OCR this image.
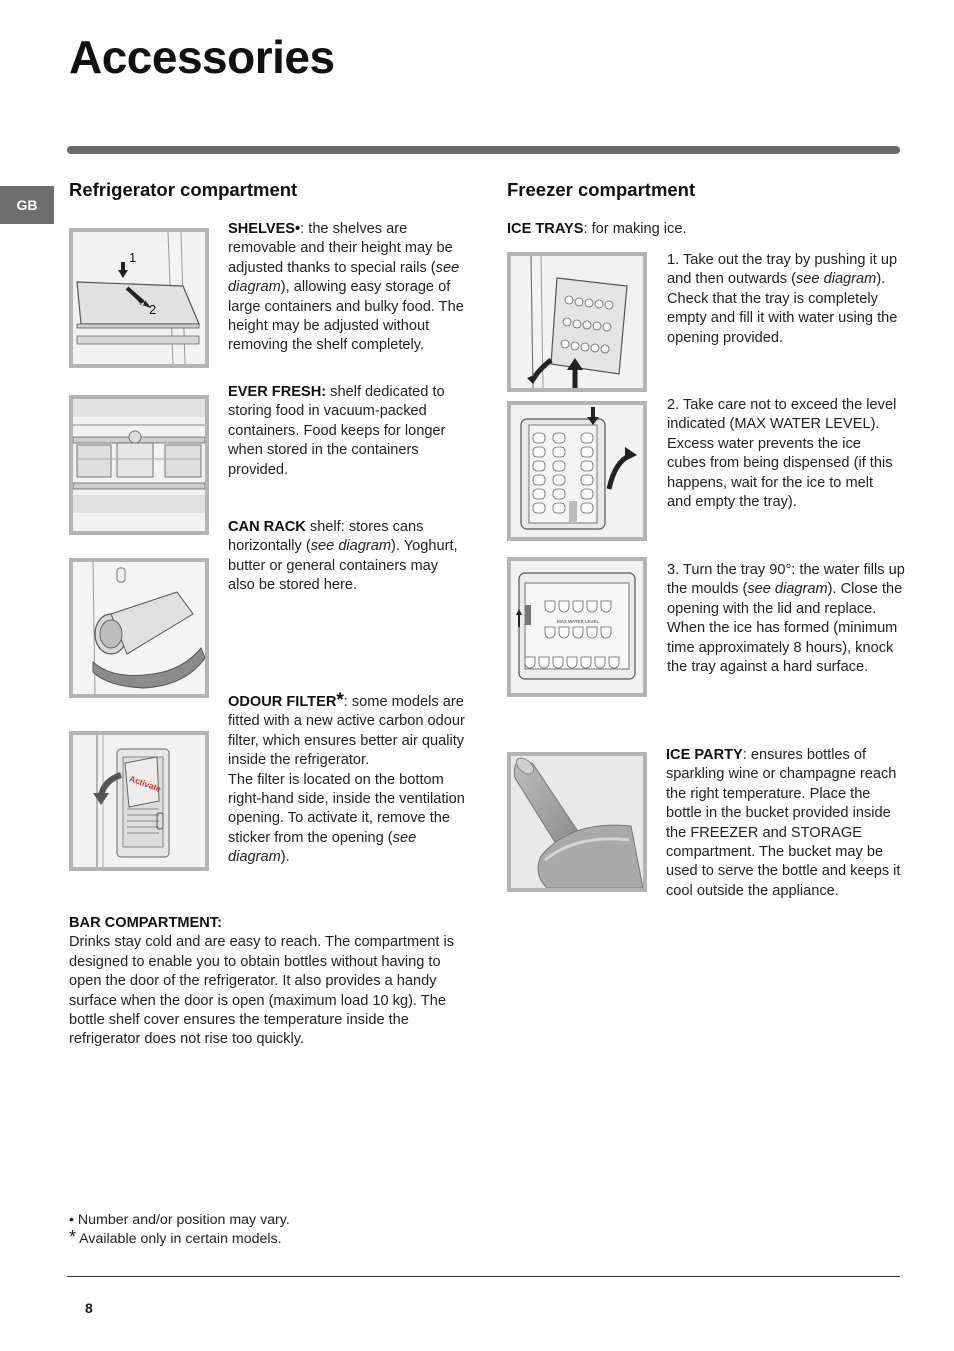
Accessories
GB
Refrigerator compartment
1
2
SHELVES•: the shelves are removable and their height may be adjusted thanks to special rails (see diagram), allowing easy storage of large containers and bulky food. The height may be adjusted without removing the shelf completely.
EVER FRESH: shelf dedicated to storing food in vacuum-packed containers. Food keeps for longer when stored in the containers provided.
CAN RACK shelf: stores cans horizontally (see diagram). Yoghurt, butter or general containers may also be stored here.
Activate
ODOUR FILTER*: some models are fitted with a new active carbon odour filter, which ensures better air quality inside the refrigerator.
The filter is located on the bottom right-hand side, inside the ventilation opening. To activate it, remove the sticker from the opening (see diagram).
BAR COMPARTMENT:
Drinks stay cold and are easy to reach. The compartment is designed to enable you to obtain bottles without having to open the door of the refrigerator. It also provides a handy surface when the door is open (maximum load 10 kg). The bottle shelf cover ensures the temperature inside the refrigerator does not rise too quickly.
Freezer compartment
ICE TRAYS: for making ice.
1. Take out the tray by pushing it up and then outwards (see diagram).
Check that the tray is completely empty and fill it with water using the opening provided.
2. Take care not to exceed the level indicated (MAX WATER LEVEL). Excess water prevents the ice cubes from being dispensed (if this happens, wait for the ice to melt and empty the tray).
MAX WATER LEVEL
3. Turn the tray 90°: the water fills up the moulds (see diagram). Close the opening with the lid and replace. When the ice has formed (minimum time approximately 8 hours), knock the tray against a hard surface.
ICE PARTY: ensures bottles of sparkling wine or champagne reach the right temperature. Place the bottle in the bucket provided inside the FREEZER and STORAGE compartment. The bucket may be used to serve the bottle and keeps it cool outside the appliance.
• Number and/or position may vary.
* Available only in certain models.
8
